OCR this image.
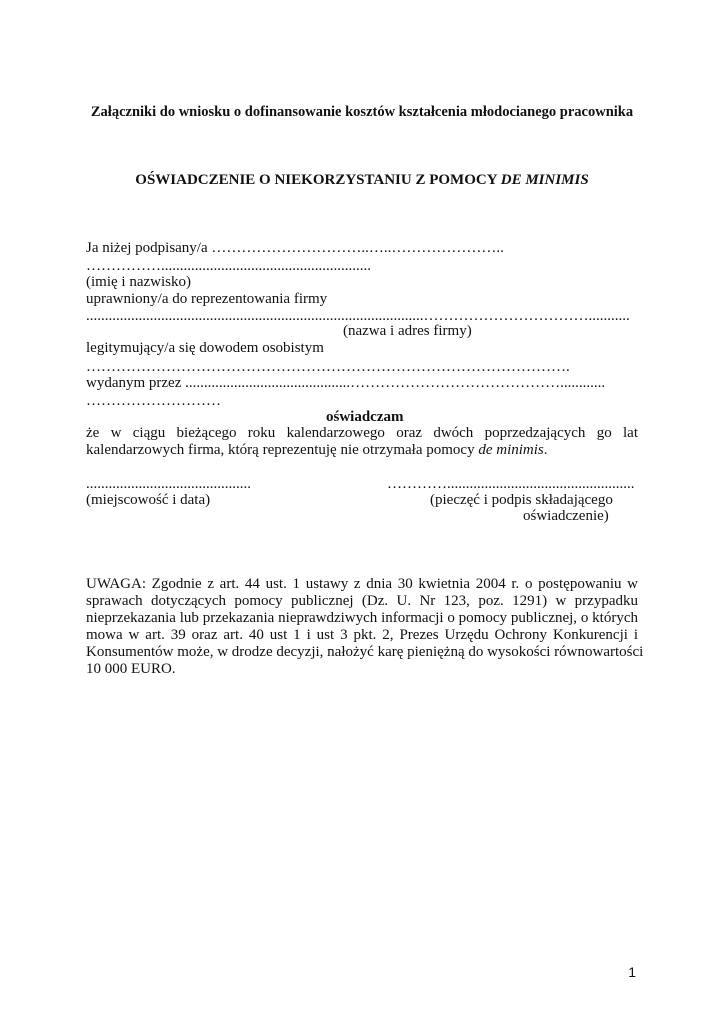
Załączniki do wniosku o dofinansowanie kosztów kształcenia młodocianego pracownika
OŚWIADCZENIE O NIEKORZYSTANIU Z POMOCY DE MINIMIS
Ja niżej podpisany/a …………………………..…..…………………..
……………........................................................
(imię i nazwisko)
uprawniony/a do reprezentowania firmy
..........................................................................................……………………………...........
(nazwa i adres firmy)
legitymujący/a się dowodem osobistym
…………………………………………………………………………………….
wydanym przez ............................................……………………………………............
………………………
oświadczam
że w ciągu bieżącego roku kalendarzowego oraz dwóch poprzedzających go lat
kalendarzowych firma, którą reprezentuję nie otrzymała pomocy de minimis.
............................................
(miejscowość i data)
…………..................................................
(pieczęć i podpis składającego
oświadczenie)
UWAGA: Zgodnie z art. 44 ust. 1 ustawy z dnia 30 kwietnia 2004 r. o postępowaniu w
sprawach dotyczących pomocy publicznej (Dz. U. Nr 123, poz. 1291) w przypadku
nieprzekazania lub przekazania nieprawdziwych informacji o pomocy publicznej, o których
mowa w art. 39 oraz art. 40 ust 1 i ust 3 pkt. 2, Prezes Urzędu Ochrony Konkurencji i
Konsumentów może, w drodze decyzji, nałożyć karę pieniężną do wysokości równowartości
10 000 EURO.
1
